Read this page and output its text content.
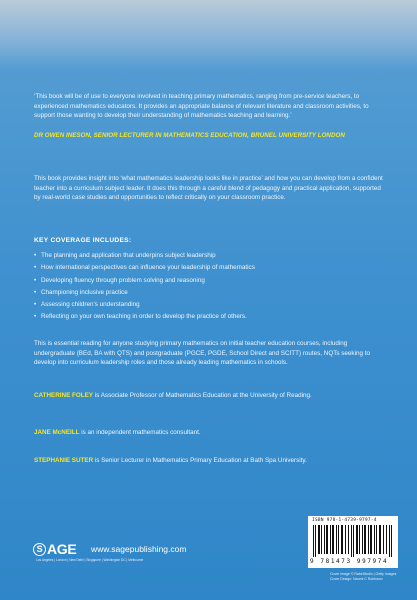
‘This book will be of use to everyone involved in teaching primary mathematics, ranging from pre-service teachers, to experienced mathematics educators. It provides an appropriate balance of relevant literature and classroom activities, to support those wanting to develop their understanding of mathematics teaching and learning.’

DR OWEN INESON, SENIOR LECTURER IN MATHEMATICS EDUCATION, BRUNEL UNIVERSITY LONDON

This book provides insight into ‘what mathematics leadership looks like in practice’ and how you can develop from a confident teacher into a curriculum subject leader. It does this through a careful blend of pedagogy and practical application, supported by real-world case studies and opportunities to reflect critically on your classroom practice.

KEY COVERAGE INCLUDES:

• The planning and application that underpins subject leadership
• How international perspectives can influence your leadership of mathematics
• Developing fluency through problem solving and reasoning
• Championing inclusive practice
• Assessing children’s understanding
• Reflecting on your own teaching in order to develop the practice of others.

This is essential reading for anyone studying primary mathematics on initial teacher education courses, including undergraduate (BEd, BA with QTS) and postgraduate (PGCE, PGDE, School Direct and SCITT) routes, NQTs seeking to develop into curriculum leadership roles and those already leading mathematics in schools.

CATHERINE FOLEY is Associate Professor of Mathematics Education at the University of Reading.

JANE McNEILL is an independent mathematics consultant.

STEPHANIE SUTER is Senior Lecturer in Mathematics Primary Education at Bath Spa University.

ISBN 978-1-4739-9797-4
9 781473 997974
S AGE www.sagepublishing.com
Los Angeles | London | New Delhi | Singapore | Washington DC | Melbourne
Cover image © RabeStudio | Getty Images
Cover Design: Naomi C Robinson
